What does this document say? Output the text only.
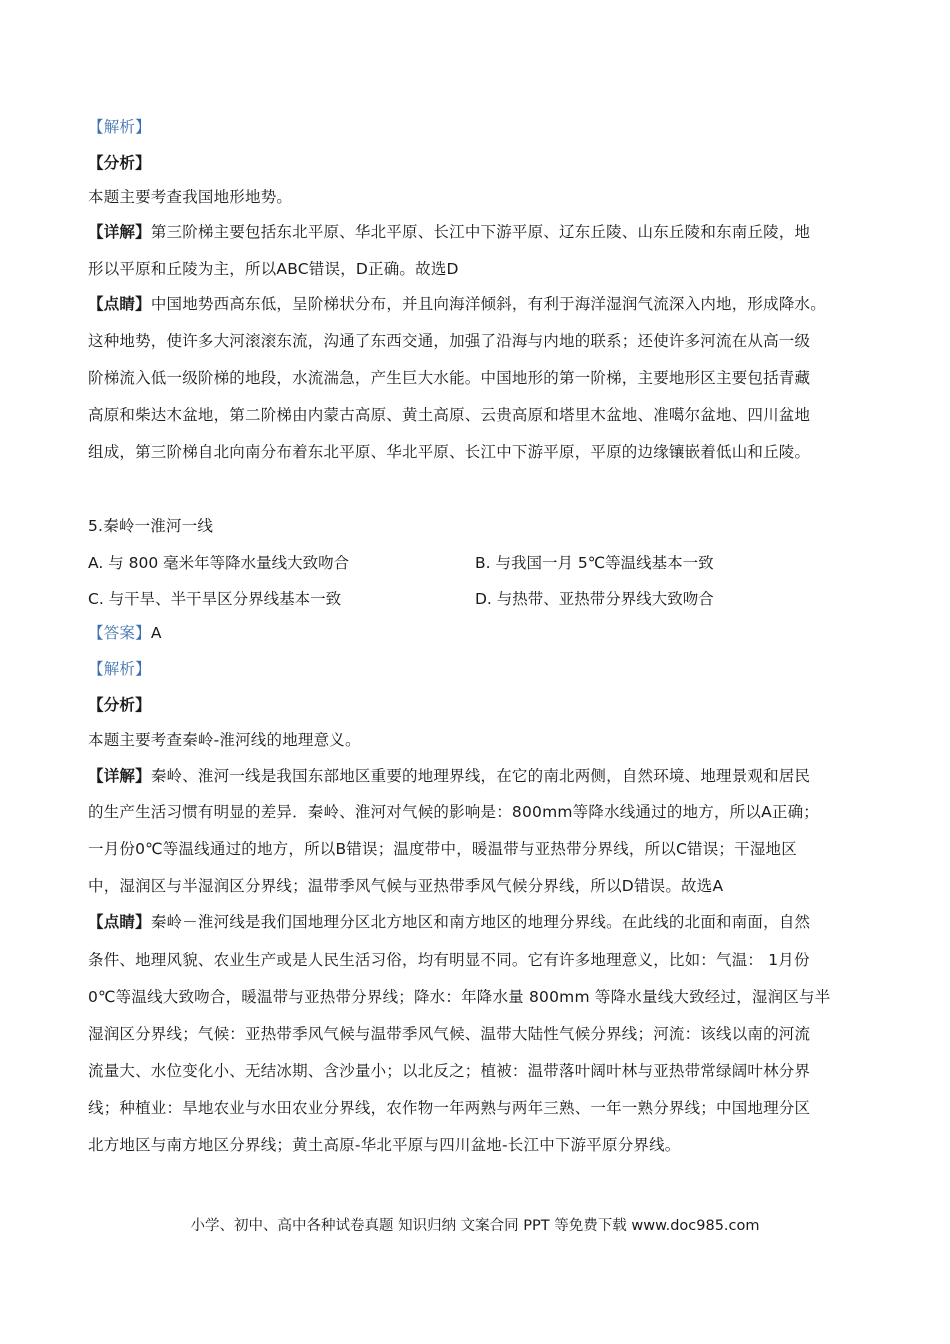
【解析】
【分析】
本题主要考查我国地形地势。
【详解】第三阶梯主要包括东北平原、华北平原、长江中下游平原、辽东丘陵、山东丘陵和东南丘陵，地
形以平原和丘陵为主，所以ABC错误，D正确。故选D
【点睛】中国地势西高东低，呈阶梯状分布，并且向海洋倾斜，有利于海洋湿润气流深入内地，形成降水。
这种地势，使许多大河滚滚东流，沟通了东西交通，加强了沿海与内地的联系；还使许多河流在从高一级
阶梯流入低一级阶梯的地段，水流湍急，产生巨大水能。中国地形的第一阶梯，主要地形区主要包括青藏
高原和柴达木盆地，第二阶梯由内蒙古高原、黄土高原、云贵高原和塔里木盆地、准噶尔盆地、四川盆地
组成，第三阶梯自北向南分布着东北平原、华北平原、长江中下游平原，平原的边缘镶嵌着低山和丘陵。
5.秦岭一淮河一线
A. 与 800 毫米年等降水量线大致吻合	B. 与我国一月 5℃等温线基本一致
C. 与干旱、半干旱区分界线基本一致	D. 与热带、亚热带分界线大致吻合
【答案】A
【解析】
【分析】
本题主要考查秦岭-淮河线的地理意义。
【详解】秦岭、淮河一线是我国东部地区重要的地理界线，在它的南北两侧，自然环境、地理景观和居民
的生产生活习惯有明显的差异．秦岭、淮河对气候的影响是：800mm等降水线通过的地方，所以A正确；
一月份0℃等温线通过的地方，所以B错误；温度带中，暖温带与亚热带分界线，所以C错误；干湿地区
中，湿润区与半湿润区分界线；温带季风气候与亚热带季风气候分界线，所以D错误。故选A
【点睛】秦岭－淮河线是我们国地理分区北方地区和南方地区的地理分界线。在此线的北面和南面，自然
条件、地理风貌、农业生产或是人民生活习俗，均有明显不同。它有许多地理意义，比如：气温： 1月份
0℃等温线大致吻合，暖温带与亚热带分界线；降水：年降水量 800mm 等降水量线大致经过，湿润区与半
湿润区分界线；气候：亚热带季风气候与温带季风气候、温带大陆性气候分界线；河流：该线以南的河流
流量大、水位变化小、无结冰期、含沙量小；以北反之；植被：温带落叶阔叶林与亚热带常绿阔叶林分界
线；种植业：旱地农业与水田农业分界线，农作物一年两熟与两年三熟、一年一熟分界线；中国地理分区
北方地区与南方地区分界线；黄土高原-华北平原与四川盆地-长江中下游平原分界线。
小学、初中、高中各种试卷真题 知识归纳 文案合同 PPT 等免费下载 www.doc985.com
